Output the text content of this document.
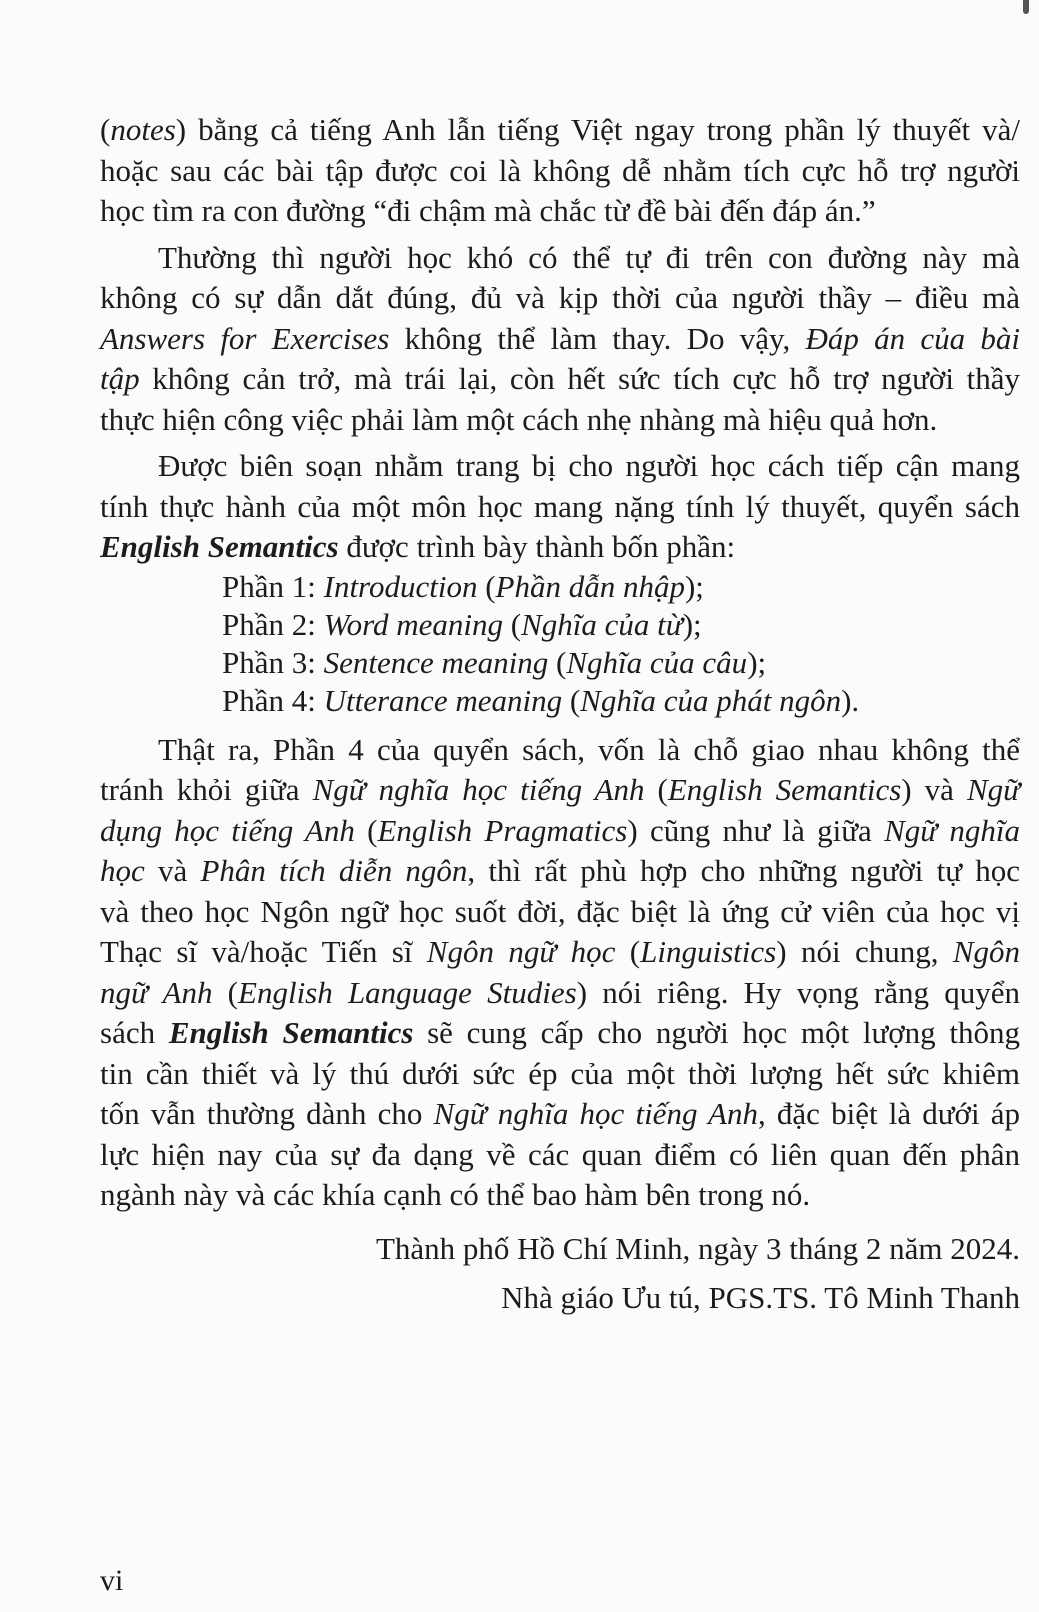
(notes) bằng cả tiếng Anh lẫn tiếng Việt ngay trong phần lý thuyết và/
hoặc sau các bài tập được coi là không dễ nhằm tích cực hỗ trợ người
học tìm ra con đường “đi chậm mà chắc từ đề bài đến đáp án.”
Thường thì người học khó có thể tự đi trên con đường này mà
không có sự dẫn dắt đúng, đủ và kịp thời của người thầy – điều mà
Answers for Exercises không thể làm thay. Do vậy, Đáp án của bài
tập không cản trở, mà trái lại, còn hết sức tích cực hỗ trợ người thầy
thực hiện công việc phải làm một cách nhẹ nhàng mà hiệu quả hơn.
Được biên soạn nhằm trang bị cho người học cách tiếp cận mang
tính thực hành của một môn học mang nặng tính lý thuyết, quyển sách
English Semantics được trình bày thành bốn phần:
Phần 1: Introduction (Phần dẫn nhập);
Phần 2: Word meaning (Nghĩa của từ);
Phần 3: Sentence meaning (Nghĩa của câu);
Phần 4: Utterance meaning (Nghĩa của phát ngôn).
Thật ra, Phần 4 của quyển sách, vốn là chỗ giao nhau không thể
tránh khỏi giữa Ngữ nghĩa học tiếng Anh (English Semantics) và Ngữ
dụng học tiếng Anh (English Pragmatics) cũng như là giữa Ngữ nghĩa
học và Phân tích diễn ngôn, thì rất phù hợp cho những người tự học
và theo học Ngôn ngữ học suốt đời, đặc biệt là ứng cử viên của học vị
Thạc sĩ và/hoặc Tiến sĩ Ngôn ngữ học (Linguistics) nói chung, Ngôn
ngữ Anh (English Language Studies) nói riêng. Hy vọng rằng quyển
sách English Semantics sẽ cung cấp cho người học một lượng thông
tin cần thiết và lý thú dưới sức ép của một thời lượng hết sức khiêm
tốn vẫn thường dành cho Ngữ nghĩa học tiếng Anh, đặc biệt là dưới áp
lực hiện nay của sự đa dạng về các quan điểm có liên quan đến phân
ngành này và các khía cạnh có thể bao hàm bên trong nó.
Thành phố Hồ Chí Minh, ngày 3 tháng 2 năm 2024.
Nhà giáo Ưu tú, PGS.TS. Tô Minh Thanh
vi
